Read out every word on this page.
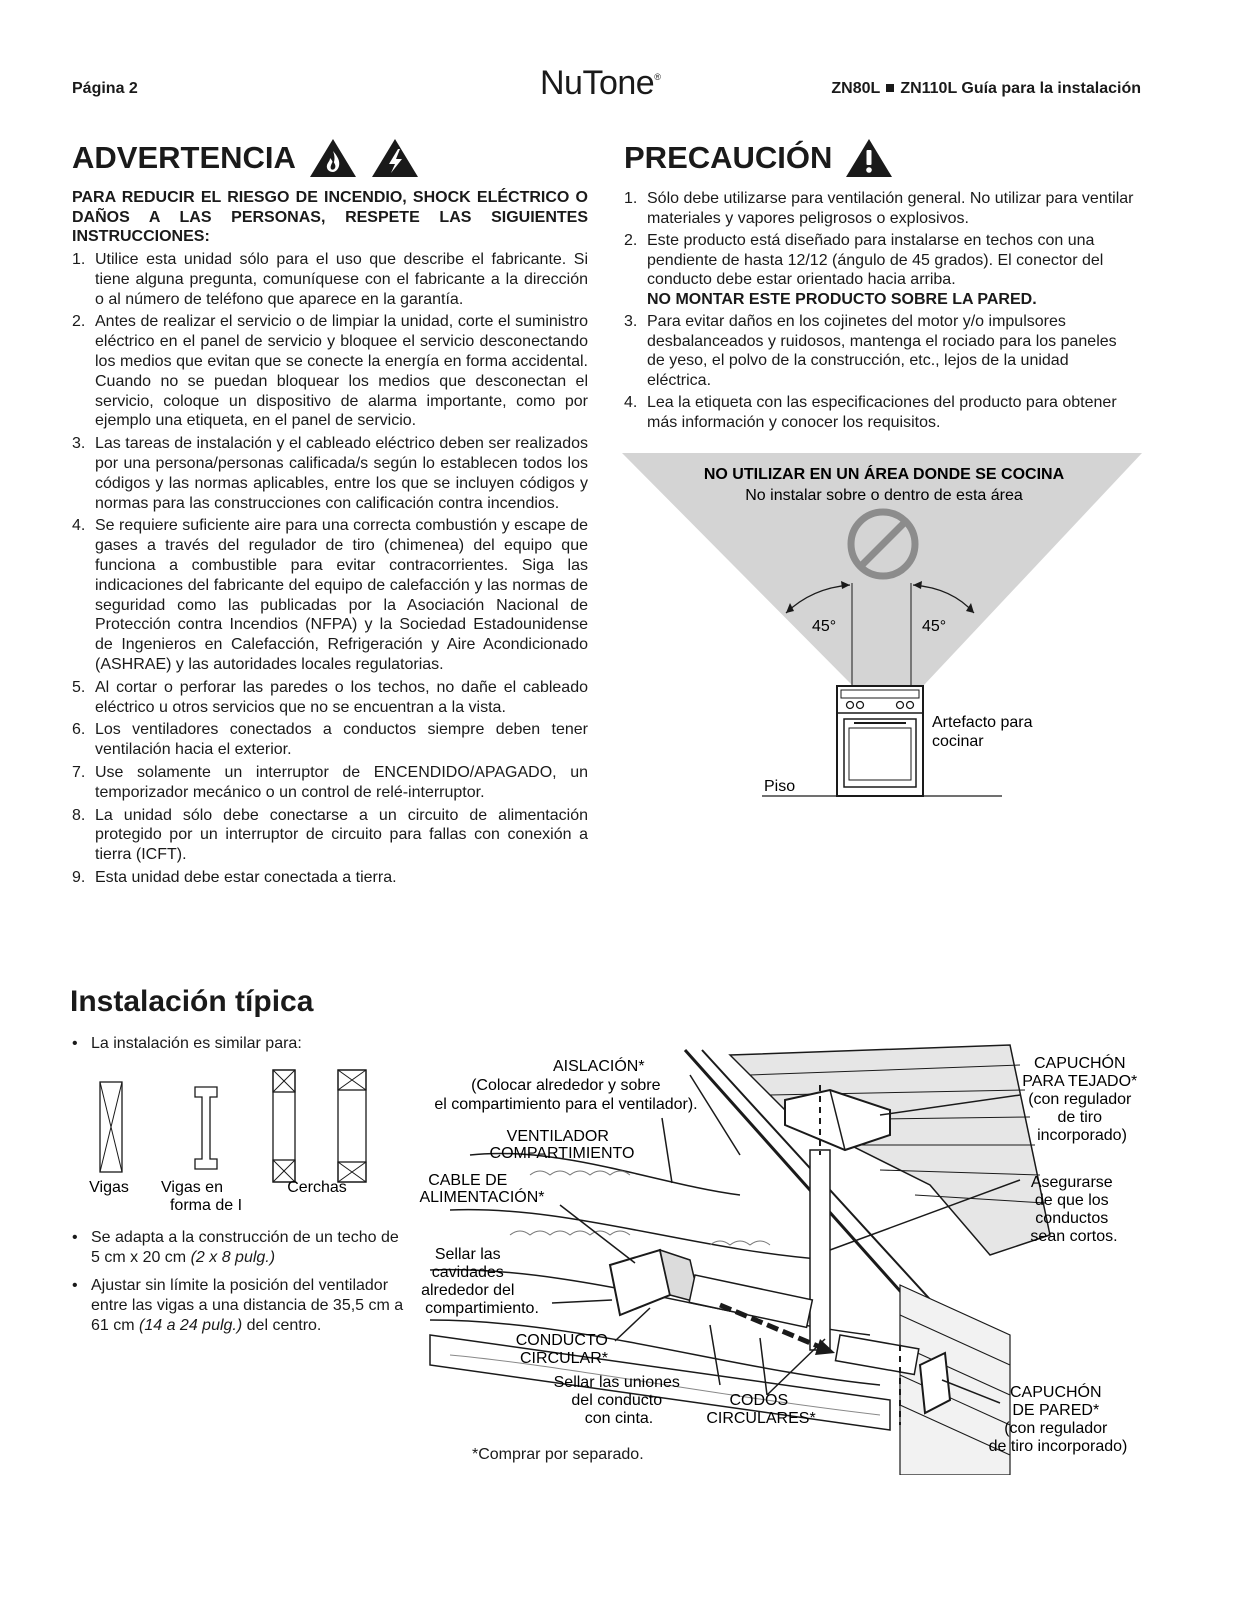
Página 2	NuTone®
ZN80L ZN110L Guía para la instalación
ADVERTENCIA
PARA REDUCIR EL RIESGO DE INCENDIO, SHOCK ELÉCTRICO O DAÑOS A LAS PERSONAS, RESPETE LAS SIGUIENTES INSTRUCCIONES:
1. Utilice esta unidad sólo para el uso que describe el fabricante. Si tiene alguna pregunta, comuníquese con el fabricante a la dirección o al número de teléfono que aparece en la garantía.
2. Antes de realizar el servicio o de limpiar la unidad, corte el suministro eléctrico en el panel de servicio y bloquee el servicio desconectando los medios que evitan que se conecte la energía en forma accidental. Cuando no se puedan bloquear los medios que desconectan el servicio, coloque un dispositivo de alarma importante, como por ejemplo una etiqueta, en el panel de servicio.
3. Las tareas de instalación y el cableado eléctrico deben ser realizados por una persona/personas calificada/s según lo establecen todos los códigos y las normas aplicables, entre los que se incluyen códigos y normas para las construcciones con calificación contra incendios.
4. Se requiere suficiente aire para una correcta combustión y escape de gases a través del regulador de tiro (chimenea) del equipo que funciona a combustible para evitar contracorrientes. Siga las indicaciones del fabricante del equipo de calefacción y las normas de seguridad como las publicadas por la Asociación Nacional de Protección contra Incendios (NFPA) y la Sociedad Estadounidense de Ingenieros en Calefacción, Refrigeración y Aire Acondicionado (ASHRAE) y las autoridades locales regulatorias.
5. Al cortar o perforar las paredes o los techos, no dañe el cableado eléctrico u otros servicios que no se encuentran a la vista.
6. Los ventiladores conectados a conductos siempre deben tener ventilación hacia el exterior.
7. Use solamente un interruptor de ENCENDIDO/APAGADO, un temporizador mecánico o un control de relé-interruptor.
8. La unidad sólo debe conectarse a un circuito de alimentación protegido por un interruptor de circuito para fallas con conexión a tierra (ICFT).
9. Esta unidad debe estar conectada a tierra.
PRECAUCIÓN
1. Sólo debe utilizarse para ventilación general. No utilizar para ventilar materiales y vapores peligrosos o explosivos.
2. Este producto está diseñado para instalarse en techos con una pendiente de hasta 12/12 (ángulo de 45 grados). El conector del conducto debe estar orientado hacia arriba.
NO MONTAR ESTE PRODUCTO SOBRE LA PARED.
3. Para evitar daños en los cojinetes del motor y/o impulsores desbalanceados y ruidosos, mantenga el rociado para los paneles de yeso, el polvo de la construcción, etc., lejos de la unidad eléctrica.
4. Lea la etiqueta con las especificaciones del producto para obtener más información y conocer los requisitos.
NO UTILIZAR EN UN ÁREA DONDE SE COCINA
No instalar sobre o dentro de esta área
45°	45°
Artefacto para
cocinar
Piso
Instalación típica
• La instalación es similar para:
Vigas Vigas en
forma de I
Cerchas
• Se adapta a la construcción de un techo de 5 cm x 20 cm (2 x 8 pulg.)
• Ajustar sin límite la posición del ventilador entre las vigas a una distancia de 35,5 cm a 61 cm (14 a 24 pulg.) del centro.
AISLACIÓN* (Colocar alrededor y sobre el compartimiento para el ventilador).
VENTILADOR COMPARTIMIENTO
CABLE DE ALIMENTACIÓN*
Sellar las cavidades alrededor del compartimiento.
CONDUCTO CIRCULAR*
Sellar las uniones del conducto con cinta.
CODOS CIRCULARES*
CAPUCHÓN PARA TEJADO* (con regulador de tiro incorporado)
Asegurarse de que los conductos sean cortos.
CAPUCHÓN DE PARED* (con regulador de tiro incorporado)
*Comprar por separado.
